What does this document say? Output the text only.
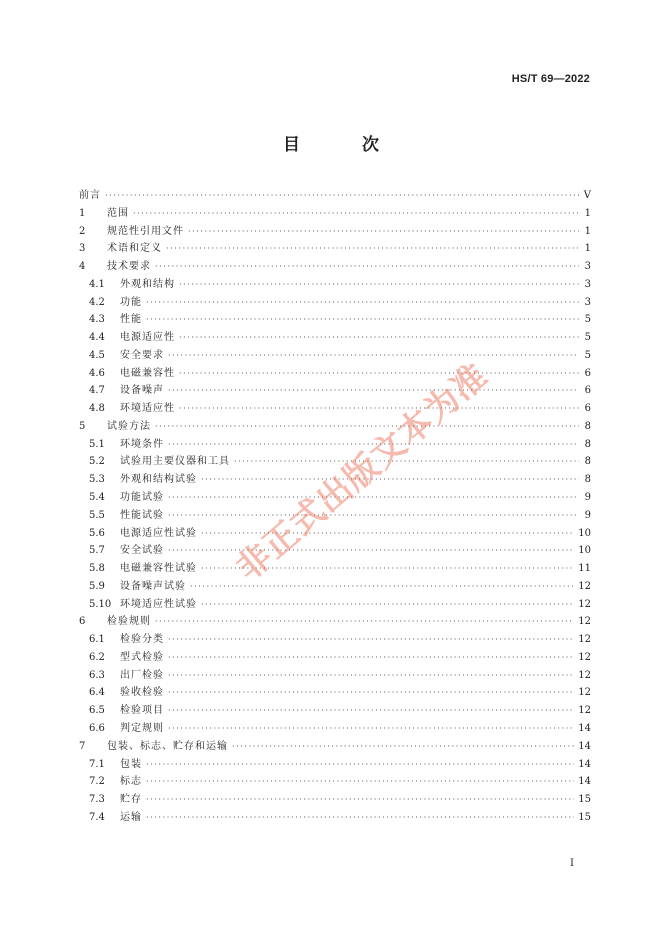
HS/T 69—2022
目 次
前言 ·····	Ⅴ
1	范围 ·····	1
2	规范性引用文件 ·····	1
3	术语和定义 ·····	1
4	技术要求 ·····	3
4.1	外观和结构 ·····	3
4.2	功能 ·····	3
4.3	性能 ·····	5
4.4	电源适应性 ·····	5
4.5	安全要求 ·····	5
4.6	电磁兼容性 ·····	6
4.7	设备噪声 ·····	6
4.8	环境适应性 ·····	6
5	试验方法 ·····	8
5.1	环境条件 ·····	8
5.2	试验用主要仪器和工具 ·····	8
5.3	外观和结构试验 ·····	8
5.4	功能试验 ·····	9
5.5	性能试验 ·····	9
5.6	电源适应性试验 ·····	10
5.7	安全试验 ·····	10
5.8	电磁兼容性试验 ·····	11
5.9	设备噪声试验 ·····	12
5.10 环境适应性试验 ·····	12
6	检验规则 ·····	12
6.1	检验分类 ·····	12
6.2	型式检验 ·····	12
6.3	出厂检验 ·····	12
6.4	验收检验 ·····	12
6.5	检验项目 ·····	12
6.6	判定规则 ·····	14
7	包装、标志、贮存和运输 ·····	14
7.1	包装 ·····	14
7.2	标志 ·····	14
7.3	贮存 ·····	15
7.4	运输 ·····	15
Ⅰ
非正式出版文本为准
